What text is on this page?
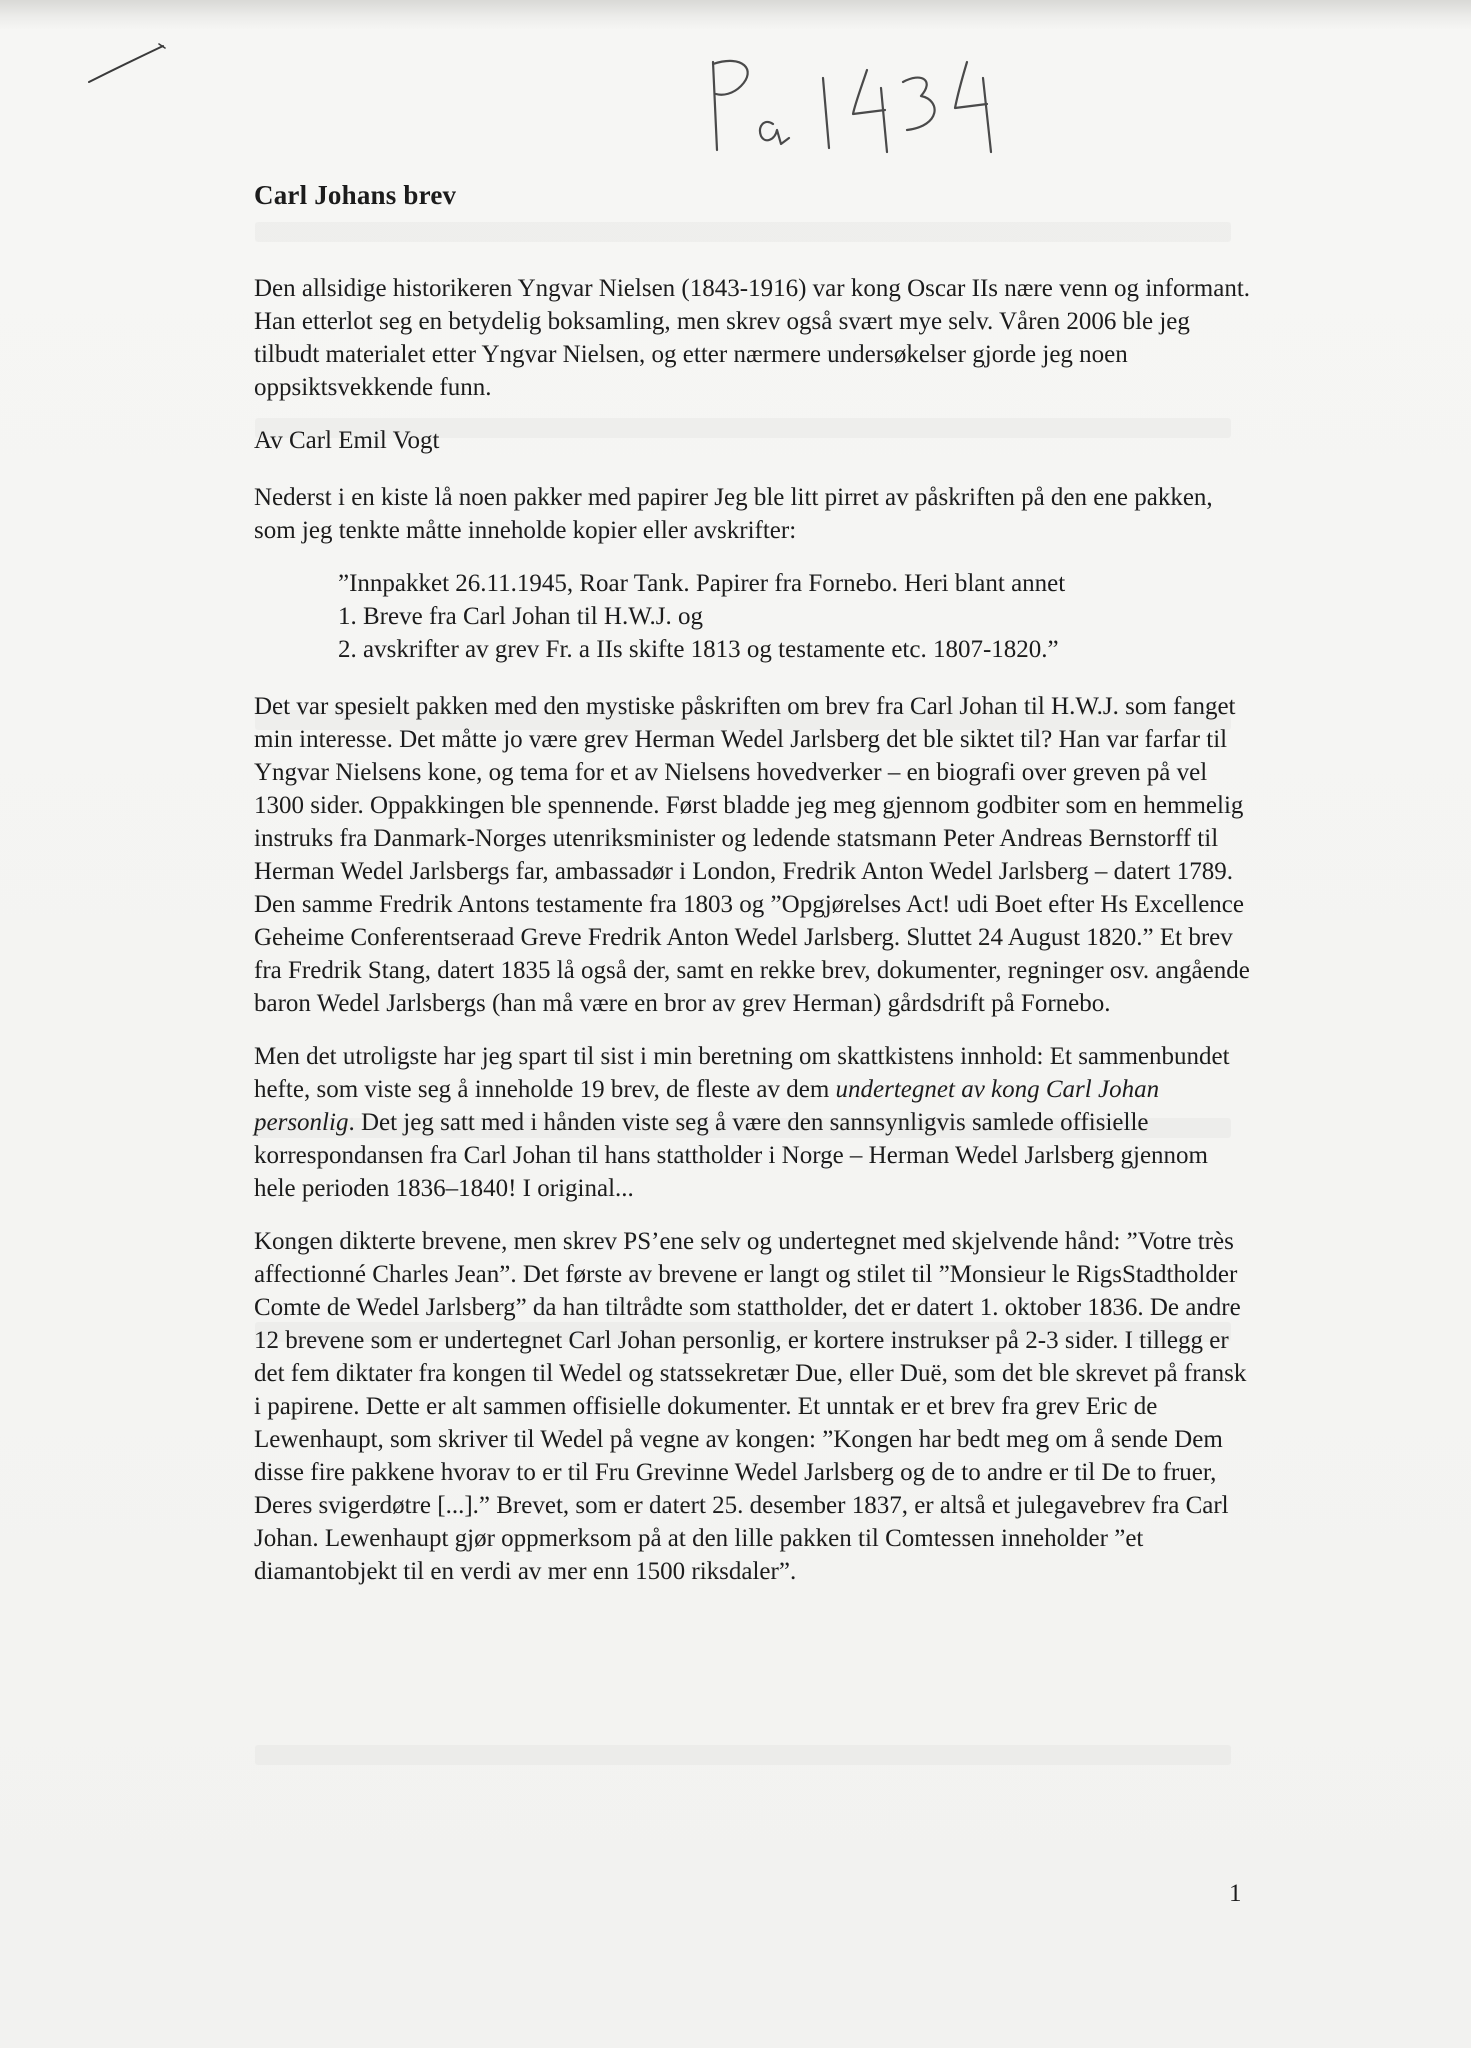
Pa 1434
Carl Johans brev

Den allsidige historikeren Yngvar Nielsen (1843-1916) var kong Oscar IIs nære venn og informant. Han etterlot seg en betydelig boksamling, men skrev også svært mye selv. Våren 2006 ble jeg tilbudt materialet etter Yngvar Nielsen, og etter nærmere undersøkelser gjorde jeg noen oppsiktsvekkende funn.

Av Carl Emil Vogt

Nederst i en kiste lå noen pakker med papirer Jeg ble litt pirret av påskriften på den ene pakken, som jeg tenkte måtte inneholde kopier eller avskrifter:

”Innpakket 26.11.1945, Roar Tank. Papirer fra Fornebo. Heri blant annet
1. Breve fra Carl Johan til H.W.J. og
2. avskrifter av grev Fr. a IIs skifte 1813 og testamente etc. 1807-1820.”

Det var spesielt pakken med den mystiske påskriften om brev fra Carl Johan til H.W.J. som fanget min interesse. Det måtte jo være grev Herman Wedel Jarlsberg det ble siktet til? Han var farfar til Yngvar Nielsens kone, og tema for et av Nielsens hovedverker – en biografi over greven på vel 1300 sider. Oppakkingen ble spennende. Først bladde jeg meg gjennom godbiter som en hemmelig instruks fra Danmark-Norges utenriksminister og ledende statsmann Peter Andreas Bernstorff til Herman Wedel Jarlsbergs far, ambassadør i London, Fredrik Anton Wedel Jarlsberg – datert 1789. Den samme Fredrik Antons testamente fra 1803 og ”Opgjørelses Act! udi Boet efter Hs Excellence Geheime Conferentseraad Greve Fredrik Anton Wedel Jarlsberg. Sluttet 24 August 1820.” Et brev fra Fredrik Stang, datert 1835 lå også der, samt en rekke brev, dokumenter, regninger osv. angående baron Wedel Jarlsbergs (han må være en bror av grev Herman) gårdsdrift på Fornebo.

Men det utroligste har jeg spart til sist i min beretning om skattkistens innhold: Et sammenbundet hefte, som viste seg å inneholde 19 brev, de fleste av dem undertegnet av kong Carl Johan personlig. Det jeg satt med i hånden viste seg å være den sannsynligvis samlede offisielle korrespondansen fra Carl Johan til hans stattholder i Norge – Herman Wedel Jarlsberg gjennom hele perioden 1836–1840! I original...

Kongen dikterte brevene, men skrev PS’ene selv og undertegnet med skjelvende hånd: ”Votre très affectionné Charles Jean”. Det første av brevene er langt og stilet til ”Monsieur le RigsStadtholder Comte de Wedel Jarlsberg” da han tiltrådte som stattholder, det er datert 1. oktober 1836. De andre 12 brevene som er undertegnet Carl Johan personlig, er kortere instrukser på 2-3 sider. I tillegg er det fem diktater fra kongen til Wedel og statssekretær Due, eller Duë, som det ble skrevet på fransk i papirene. Dette er alt sammen offisielle dokumenter. Et unntak er et brev fra grev Eric de Lewenhaupt, som skriver til Wedel på vegne av kongen: ”Kongen har bedt meg om å sende Dem disse fire pakkene hvorav to er til Fru Grevinne Wedel Jarlsberg og de to andre er til De to fruer, Deres svigerdøtre [...].” Brevet, som er datert 25. desember 1837, er altså et julegavebrev fra Carl Johan. Lewenhaupt gjør oppmerksom på at den lille pakken til Comtessen inneholder ”et diamantobjekt til en verdi av mer enn 1500 riksdaler”.

1
